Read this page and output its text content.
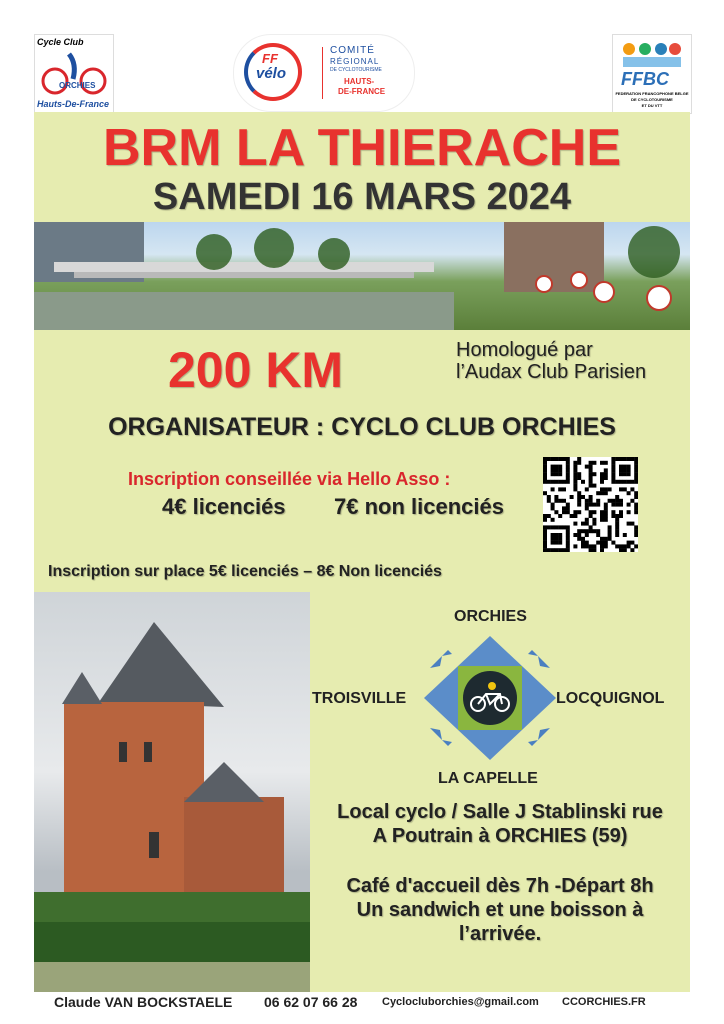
Cycle Club
ORCHIES
Hauts-De-France
FF
vélo
COMITÉ
RÉGIONAL
DE CYCLOTOURISME
HAUTS-
DE-FRANCE
FFBC
FEDERATION FRANCOPHONE BELGE
DE CYCLOTOURISME
ET DU VTT
BRM LA THIERACHE
SAMEDI 16 MARS 2024
200 KM	Homologué par
l’Audax Club Parisien
ORGANISATEUR : CYCLO CLUB ORCHIES
Inscription conseillée via Hello Asso :
4€ licenciés 7€ non licenciés
Inscription sur place 5€ licenciés – 8€ Non licenciés
ORCHIES
TROISVILLE	LOCQUIGNOL
LA CAPELLE
Local cyclo / Salle J Stablinski rue
A Poutrain à ORCHIES (59)
Café d'accueil dès 7h -Départ 8h
Un sandwich et une boisson à
l’arrivée.
Claude VAN BOCKSTAELE 06 62 07 66 28 Cycloclub​orchies@gmail.com CCORCHIES.FR
